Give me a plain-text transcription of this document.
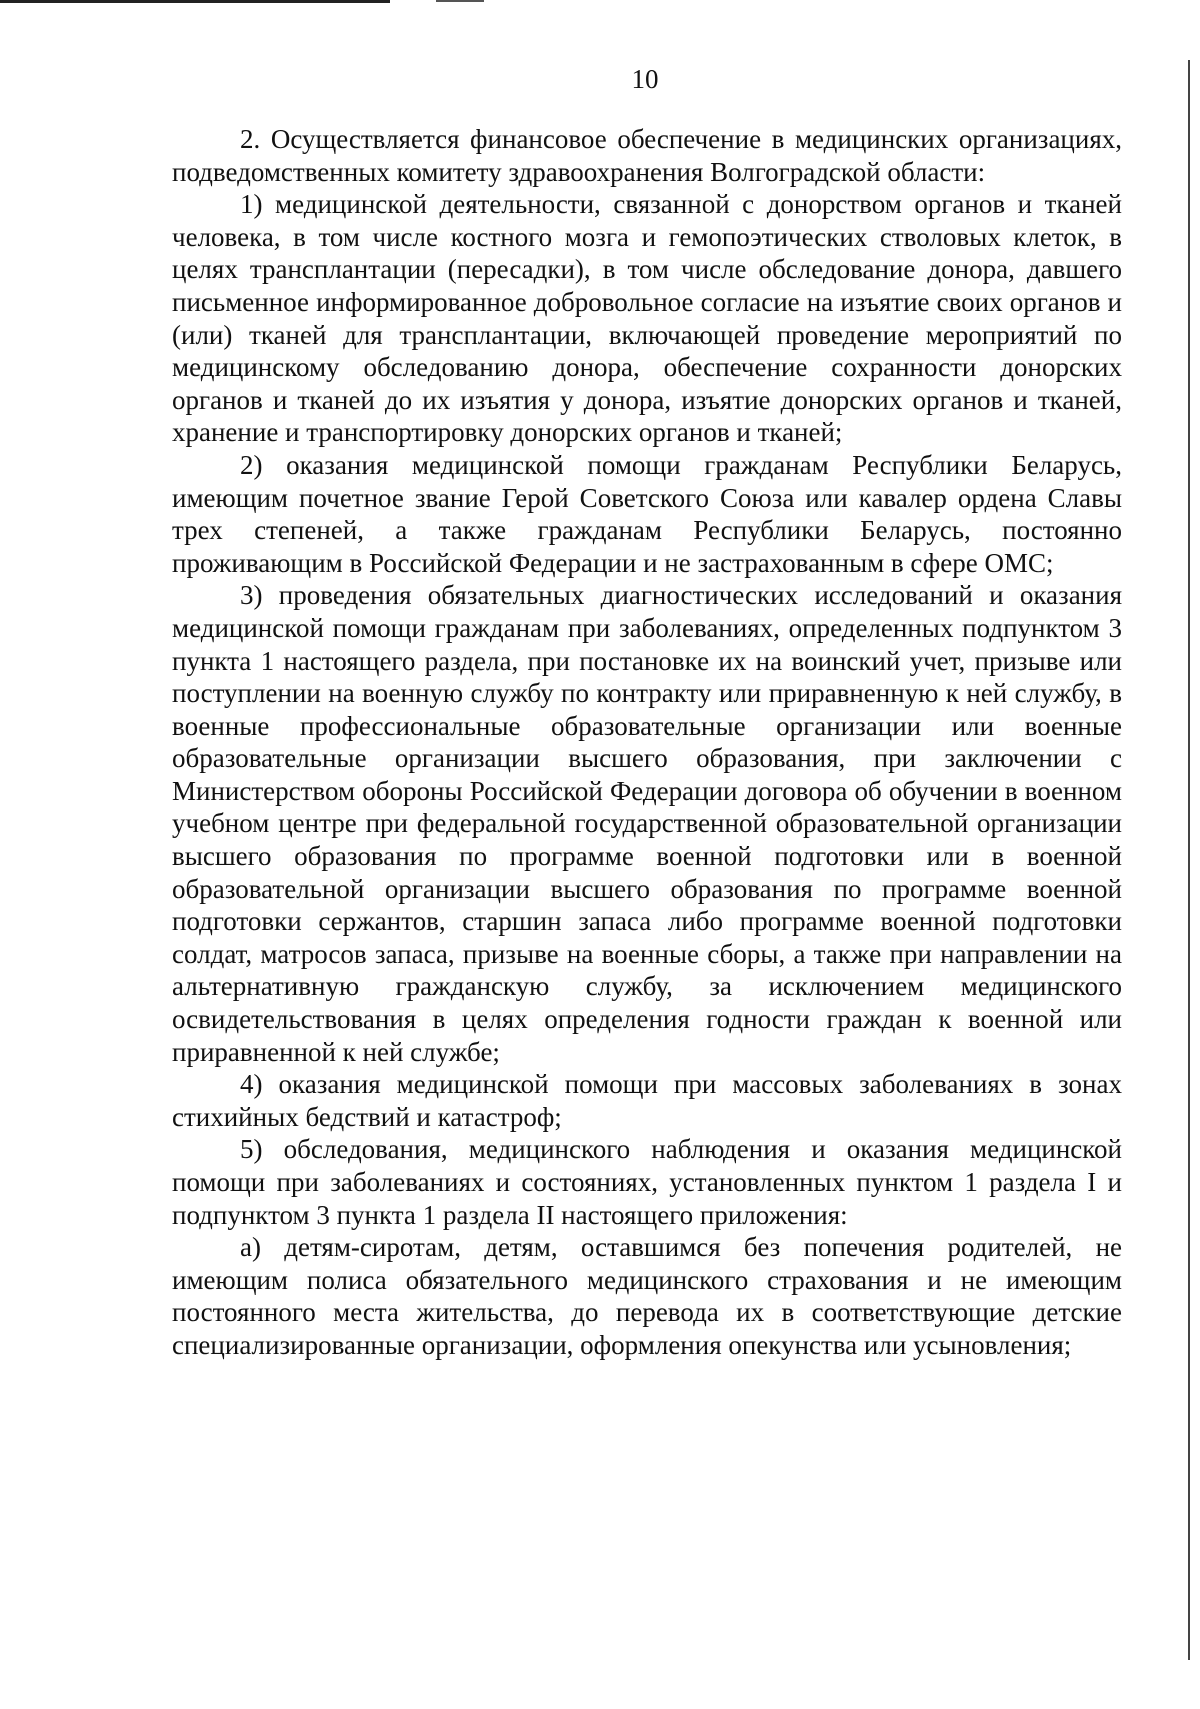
10

2. Осуществляется финансовое обеспечение в медицинских организациях, подведомственных комитету здравоохранения Волгоградской области:

1) медицинской деятельности, связанной с донорством органов и тканей человека, в том числе костного мозга и гемопоэтических стволовых клеток, в целях трансплантации (пересадки), в том числе обследование донора, давшего письменное информированное добровольное согласие на изъятие своих органов и (или) тканей для трансплантации, включающей проведение мероприятий по медицинскому обследованию донора, обеспечение сохранности донорских органов и тканей до их изъятия у донора, изъятие донорских органов и тканей, хранение и транспортировку донорских органов и тканей;

2) оказания медицинской помощи гражданам Республики Беларусь, имеющим почетное звание Герой Советского Союза или кавалер ордена Славы трех степеней, а также гражданам Республики Беларусь, постоянно проживающим в Российской Федерации и не застрахованным в сфере ОМС;

3) проведения обязательных диагностических исследований и оказания медицинской помощи гражданам при заболеваниях, определенных подпунктом 3 пункта 1 настоящего раздела, при постановке их на воинский учет, призыве или поступлении на военную службу по контракту или приравненную к ней службу, в военные профессиональные образовательные организации или военные образовательные организации высшего образования, при заключении с Министерством обороны Российской Федерации договора об обучении в военном учебном центре при федеральной государственной образовательной организации высшего образования по программе военной подготовки или в военной образовательной организации высшего образования по программе военной подготовки сержантов, старшин запаса либо программе военной подготовки солдат, матросов запаса, призыве на военные сборы, а также при направлении на альтернативную гражданскую службу, за исключением медицинского освидетельствования в целях определения годности граждан к военной или приравненной к ней службе;

4) оказания медицинской помощи при массовых заболеваниях в зонах стихийных бедствий и катастроф;

5) обследования, медицинского наблюдения и оказания медицинской помощи при заболеваниях и состояниях, установленных пунктом 1 раздела I и подпунктом 3 пункта 1 раздела II настоящего приложения:

а) детям-сиротам, детям, оставшимся без попечения родителей, не имеющим полиса обязательного медицинского страхования и не имеющим постоянного места жительства, до перевода их в соответствующие детские специализированные организации, оформления опекунства или усыновления;
